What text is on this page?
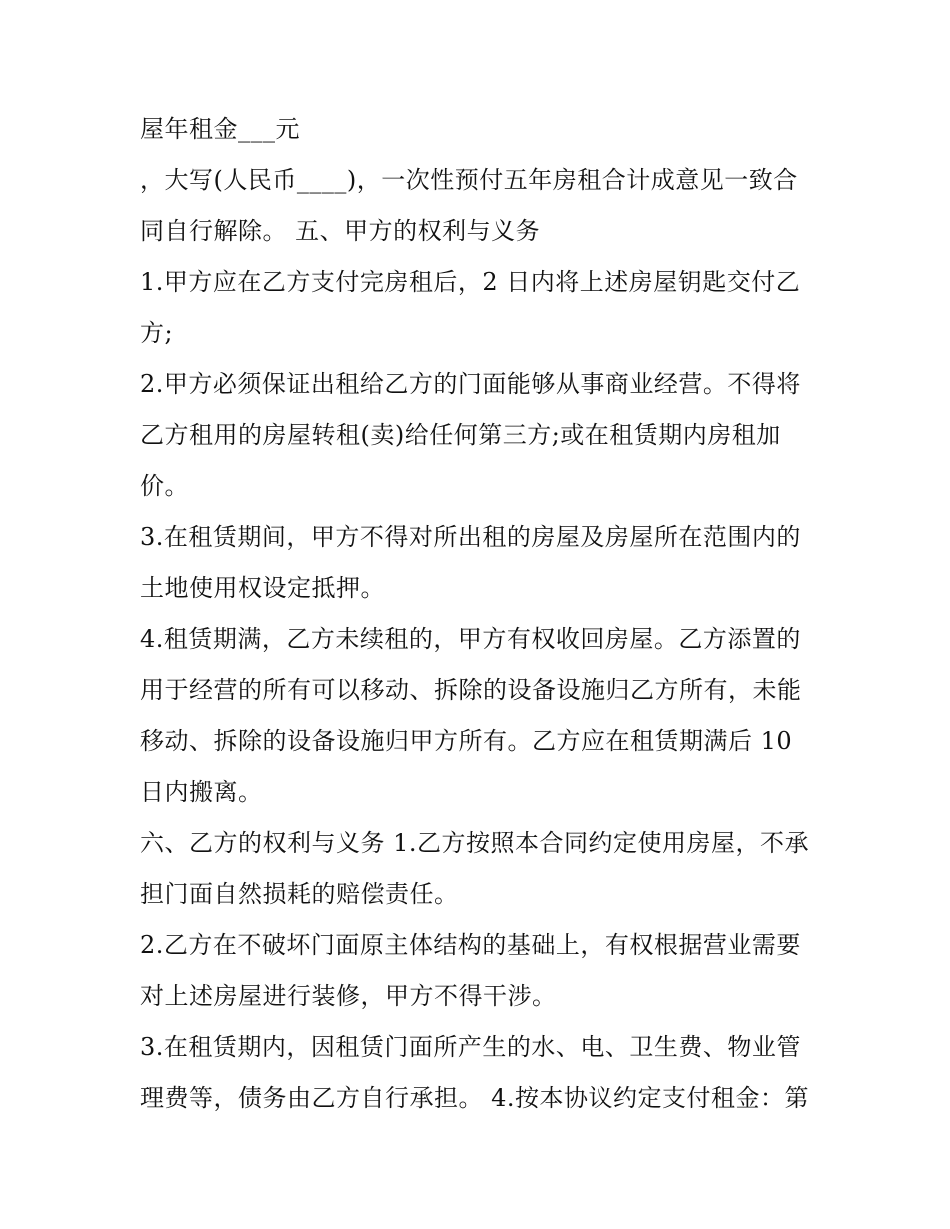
屋年租金___元
，大写(人民币____)，一次性预付五年房租合计成意见一致合
同自行解除。 五、甲方的权利与义务
1.甲方应在乙方支付完房租后，2 日内将上述房屋钥匙交付乙
方;
2.甲方必须保证出租给乙方的门面能够从事商业经营。不得将
乙方租用的房屋转租(卖)给任何第三方;或在租赁期内房租加
价。
3.在租赁期间，甲方不得对所出租的房屋及房屋所在范围内的
土地使用权设定抵押。
4.租赁期满，乙方未续租的，甲方有权收回房屋。乙方添置的
用于经营的所有可以移动、拆除的设备设施归乙方所有，未能
移动、拆除的设备设施归甲方所有。乙方应在租赁期满后 10
日内搬离。
六、乙方的权利与义务 1.乙方按照本合同约定使用房屋，不承
担门面自然损耗的赔偿责任。
2.乙方在不破坏门面原主体结构的基础上，有权根据营业需要
对上述房屋进行装修，甲方不得干涉。
3.在租赁期内，因租赁门面所产生的水、电、卫生费、物业管
理费等，债务由乙方自行承担。 4.按本协议约定支付租金：第
